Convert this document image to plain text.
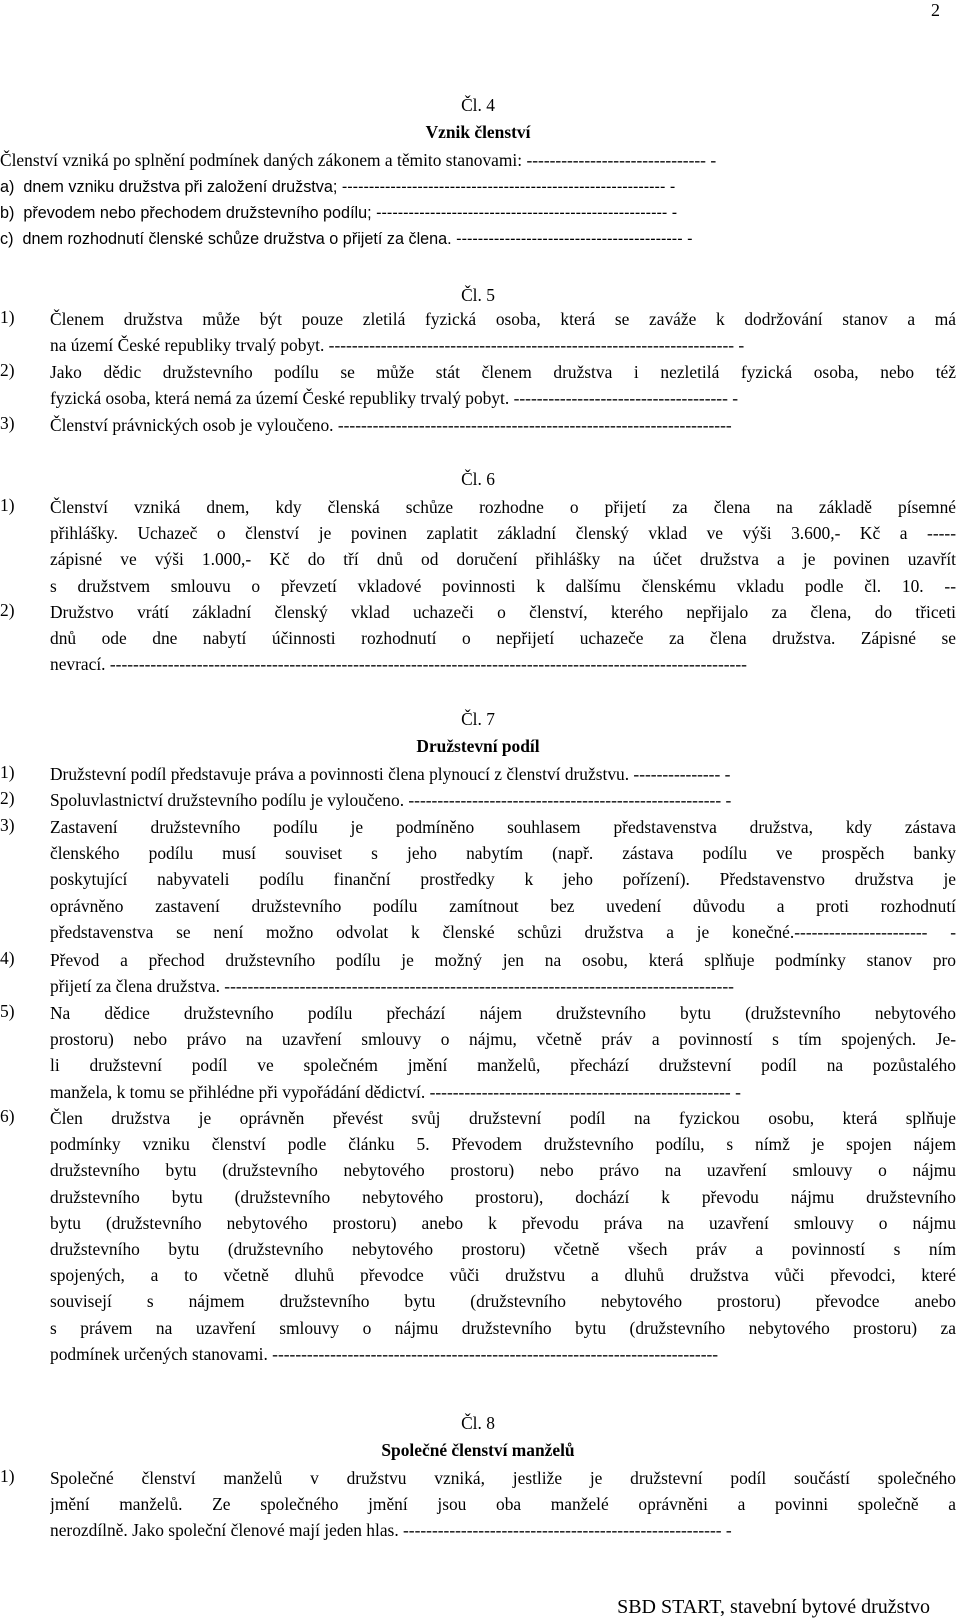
2
Čl. 4
Vznik členství
Členství vzniká po splnění podmínek daných zákonem a těmito stanovami: ------------------------------- -
a) dnem vzniku družstva při založení družstva; ------------------------------------------------------------ -
b) převodem nebo přechodem družstevního podílu; ------------------------------------------------------ -
c) dnem rozhodnutí členské schůze družstva o přijetí za člena. ------------------------------------------ -
Čl. 5
1) Členem družstva může být pouze zletilá fyzická osoba, která se zaváže k dodržování stanov a má
na území České republiky trvalý pobyt. ---------------------------------------------------------------------- -
2) Jako dědic družstevního podílu se může stát členem družstva i nezletilá fyzická osoba, nebo též
fyzická osoba, která nemá za území České republiky trvalý pobyt. ------------------------------------- -
3) Členství právnických osob je vyloučeno. --------------------------------------------------------------------
Čl. 6
1) Členství vzniká dnem, kdy členská schůze rozhodne o přijetí za člena na základě písemné
přihlášky. Uchazeč o členství je povinen zaplatit základní členský vklad ve výši 3.600,- Kč a -----
zápisné ve výši 1.000,- Kč do tří dnů od doručení přihlášky na účet družstva a je povinen uzavřít
s družstvem smlouvu o převzetí vkladové povinnosti k dalšímu členskému vkladu podle čl. 10. --
2) Družstvo vrátí základní členský vklad uchazeči o členství, kterého nepřijalo za člena, do třiceti
dnů ode dne nabytí účinnosti rozhodnutí o nepřijetí uchazeče za člena družstva. Zápisné se
nevrací. --------------------------------------------------------------------------------------------------------------
Čl. 7
Družstevní podíl
1) Družstevní podíl představuje práva a povinnosti člena plynoucí z členství družstvu. --------------- -
2) Spoluvlastnictví družstevního podílu je vyloučeno. ------------------------------------------------------ -
3) Zastavení družstevního podílu je podmíněno souhlasem představenstva družstva, kdy zástava
členského podílu musí souviset s jeho nabytím (např. zástava podílu ve prospěch banky
poskytující nabyvateli podílu finanční prostředky k jeho pořízení). Představenstvo družstva je
oprávněno zastavení družstevního podílu zamítnout bez uvedení důvodu a proti rozhodnutí
představenstva se není možno odvolat k členské schůzi družstva a je konečné.----------------------- -
4) Převod a přechod družstevního podílu je možný jen na osobu, která splňuje podmínky stanov pro
přijetí za člena družstva. ----------------------------------------------------------------------------------------
5) Na dědice družstevního podílu přechází nájem družstevního bytu (družstevního nebytového
prostoru) nebo právo na uzavření smlouvy o nájmu, včetně práv a povinností s tím spojených. Je-
li družstevní podíl ve společném jmění manželů, přechází družstevní podíl na pozůstalého
manžela, k tomu se přihlédne při vypořádání dědictví. ---------------------------------------------------- -
6) Člen družstva je oprávněn převést svůj družstevní podíl na fyzickou osobu, která splňuje
podmínky vzniku členství podle článku 5. Převodem družstevního podílu, s nímž je spojen nájem
družstevního bytu (družstevního nebytového prostoru) nebo právo na uzavření smlouvy o nájmu
družstevního bytu (družstevního nebytového prostoru), dochází k převodu nájmu družstevního
bytu (družstevního nebytového prostoru) anebo k převodu práva na uzavření smlouvy o nájmu
družstevního bytu (družstevního nebytového prostoru) včetně všech práv a povinností s ním
spojených, a to včetně dluhů převodce vůči družstvu a dluhů družstva vůči převodci, které
souvisejí s nájmem družstevního bytu (družstevního nebytového prostoru) převodce anebo
s právem na uzavření smlouvy o nájmu družstevního bytu (družstevního nebytového prostoru) za
podmínek určených stanovami. -----------------------------------------------------------------------------
Čl. 8
Společné členství manželů
1) Společné členství manželů v družstvu vzniká, jestliže je družstevní podíl součástí společného
jmění manželů. Ze společného jmění jsou oba manželé oprávněni a povinni společně a
nerozdílně. Jako společní členové mají jeden hlas. ------------------------------------------------------- -
SBD START, stavební bytové družstvo
